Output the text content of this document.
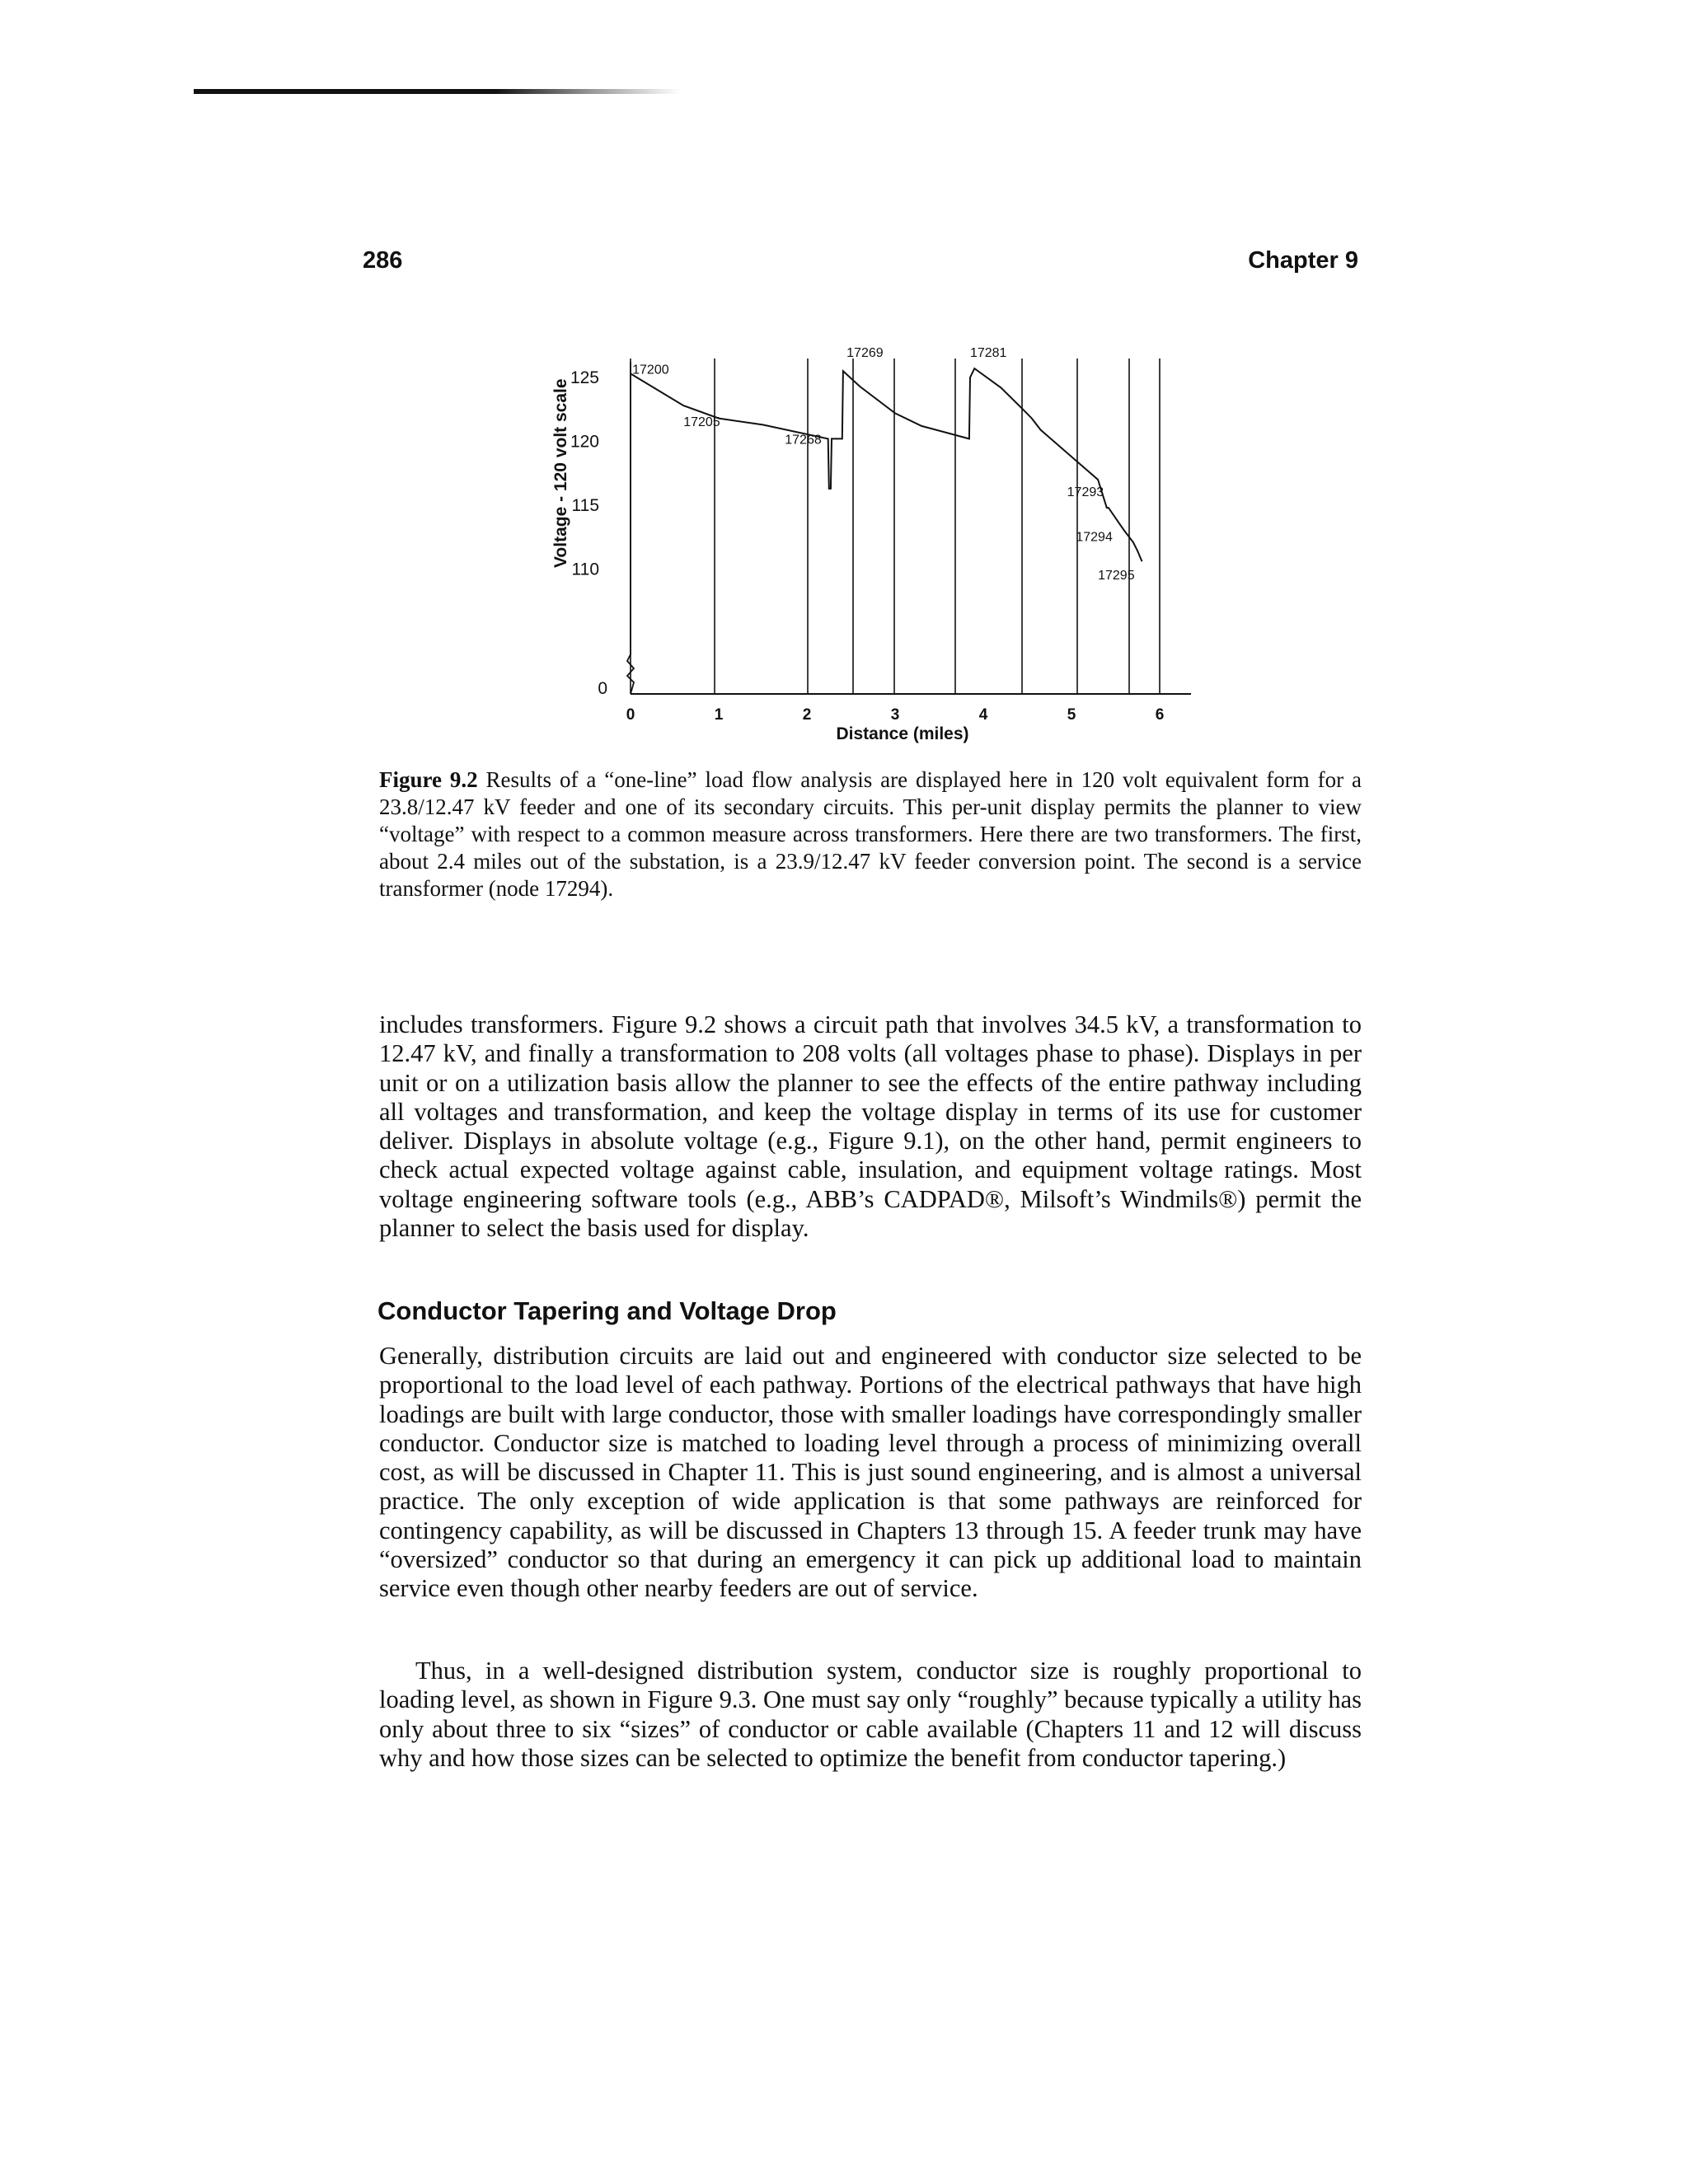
286	Chapter 9
0	1	2	3	4	5	6
0
110
115
120
125
Distance (miles)
Voltage - 120 volt scale
17200
17205
17268
17269	17281
17293
17294
17295

Figure 9.2 Results of a “one-line” load flow analysis are displayed here in 120 volt equivalent form for a 23.8/12.47 kV feeder and one of its secondary circuits. This per-unit display permits the planner to view “voltage” with respect to a common measure across transformers. Here there are two transformers. The first, about 2.4 miles out of the substation, is a 23.9/12.47 kV feeder conversion point. The second is a service transformer (node 17294).

includes transformers. Figure 9.2 shows a circuit path that involves 34.5 kV, a transformation to 12.47 kV, and finally a transformation to 208 volts (all voltages phase to phase). Displays in per unit or on a utilization basis allow the planner to see the effects of the entire pathway including all voltages and transformation, and keep the voltage display in terms of its use for customer deliver. Displays in absolute voltage (e.g., Figure 9.1), on the other hand, permit engineers to check actual expected voltage against cable, insulation, and equipment voltage ratings. Most voltage engineering software tools (e.g., ABB’s CADPAD®, Milsoft’s Windmils®) permit the planner to select the basis used for display.

Conductor Tapering and Voltage Drop

Generally, distribution circuits are laid out and engineered with conductor size selected to be proportional to the load level of each pathway. Portions of the electrical pathways that have high loadings are built with large conductor, those with smaller loadings have correspondingly smaller conductor. Conductor size is matched to loading level through a process of minimizing overall cost, as will be discussed in Chapter 11. This is just sound engineering, and is almost a universal practice. The only exception of wide application is that some pathways are reinforced for contingency capability, as will be discussed in Chapters 13 through 15. A feeder trunk may have “oversized” conductor so that during an emergency it can pick up additional load to maintain service even though other nearby feeders are out of service.

Thus, in a well-designed distribution system, conductor size is roughly proportional to loading level, as shown in Figure 9.3. One must say only “roughly” because typically a utility has only about three to six “sizes” of conductor or cable available (Chapters 11 and 12 will discuss why and how those sizes can be selected to optimize the benefit from conductor tapering.)
